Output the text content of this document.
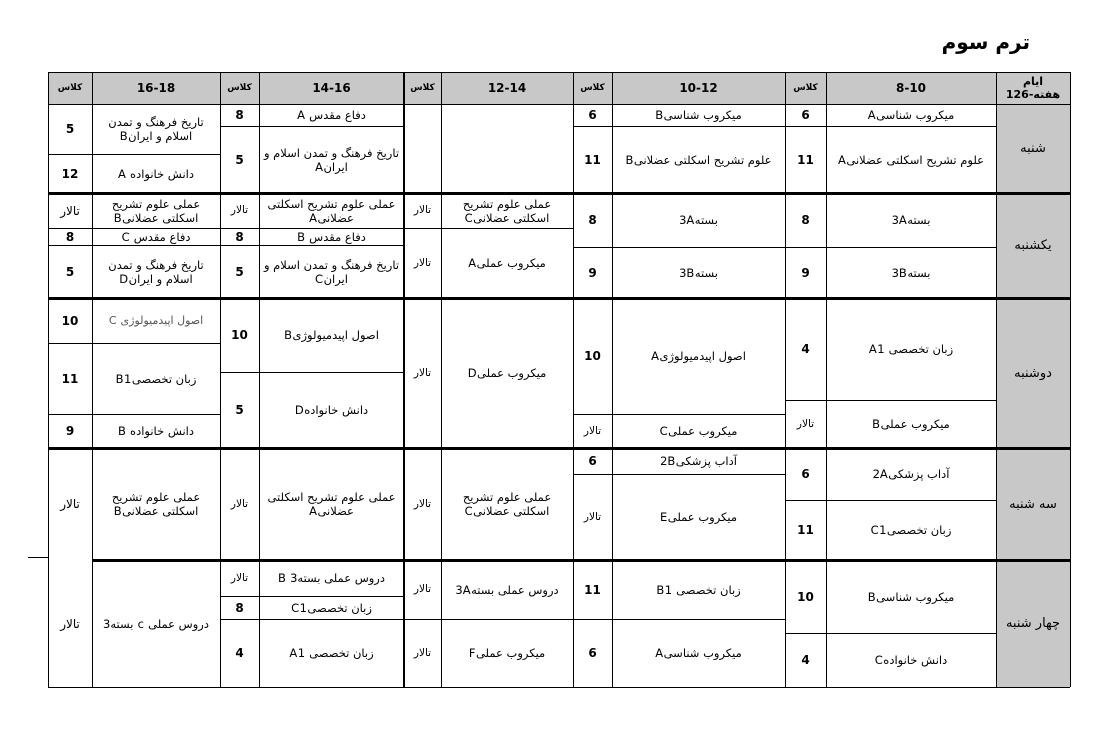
ترم سوم
ایام هفته-126
8-10
کلاس
10-12
کلاس
12-14
کلاس
14-16
کلاس
16-18
کلاس
شنبه
یکشنبه
دوشنبه
سه شنبه
چهار شنبه
میکروب شناسیA
6
علوم تشریح اسکلتی عضلانیA
11
میکروب شناسیB
6
علوم تشریح اسکلتی عضلانیB
11
دفاع مقدس A
8
تاریخ فرهنگ و تمدن اسلام و ایرانA
5
تاریخ فرهنگ و تمدن اسلام و ایرانB
5
دانش خانواده A
12
بسته3A
8
بسته3B
9
بسته3A
8
بسته3B
9
عملی علوم تشریح اسکلتی عضلانیC
تالار
میکروب عملیA
تالار
عملی علوم تشریح اسکلتی عضلانیA
تالار
دفاع مقدس B
8
تاریخ فرهنگ و تمدن اسلام و ایرانC
5
عملی علوم تشریح اسکلتی عضلانیB
تالار
دفاع مقدس C
8
تاریخ فرهنگ و تمدن اسلام و ایرانD
5
زبان تخصصی A1
4
میکروب عملیB
تالار
اصول اپیدمیولوژیA
10
میکروب عملیC
تالار
میکروب عملیD
تالار
اصول اپیدمیولوژیB
10
دانش خانوادهD
5
اصول اپیدمیولوژی C
10
زبان تخصصیB1
11
دانش خانواده B
9
آداب پزشکی2A
6
زبان تخصصیC1
11
آداب پزشکی2B
6
میکروب عملیE
تالار
عملی علوم تشریح اسکلتی عضلانیC
تالار
عملی علوم تشریح اسکلتی عضلانیA
تالار
عملی علوم تشریح اسکلتی عضلانیB
تالار
میکروب شناسیB
10
دانش خانوادهC
4
زبان تخصصی B1
11
میکروب شناسیA
6
دروس عملی بسته3A
تالار
میکروب عملیF
تالار
دروس عملی بسته3 B
تالار
زبان تخصصیC1
8
زبان تخصصی A1
4
دروس عملی c بسته3
تالار
